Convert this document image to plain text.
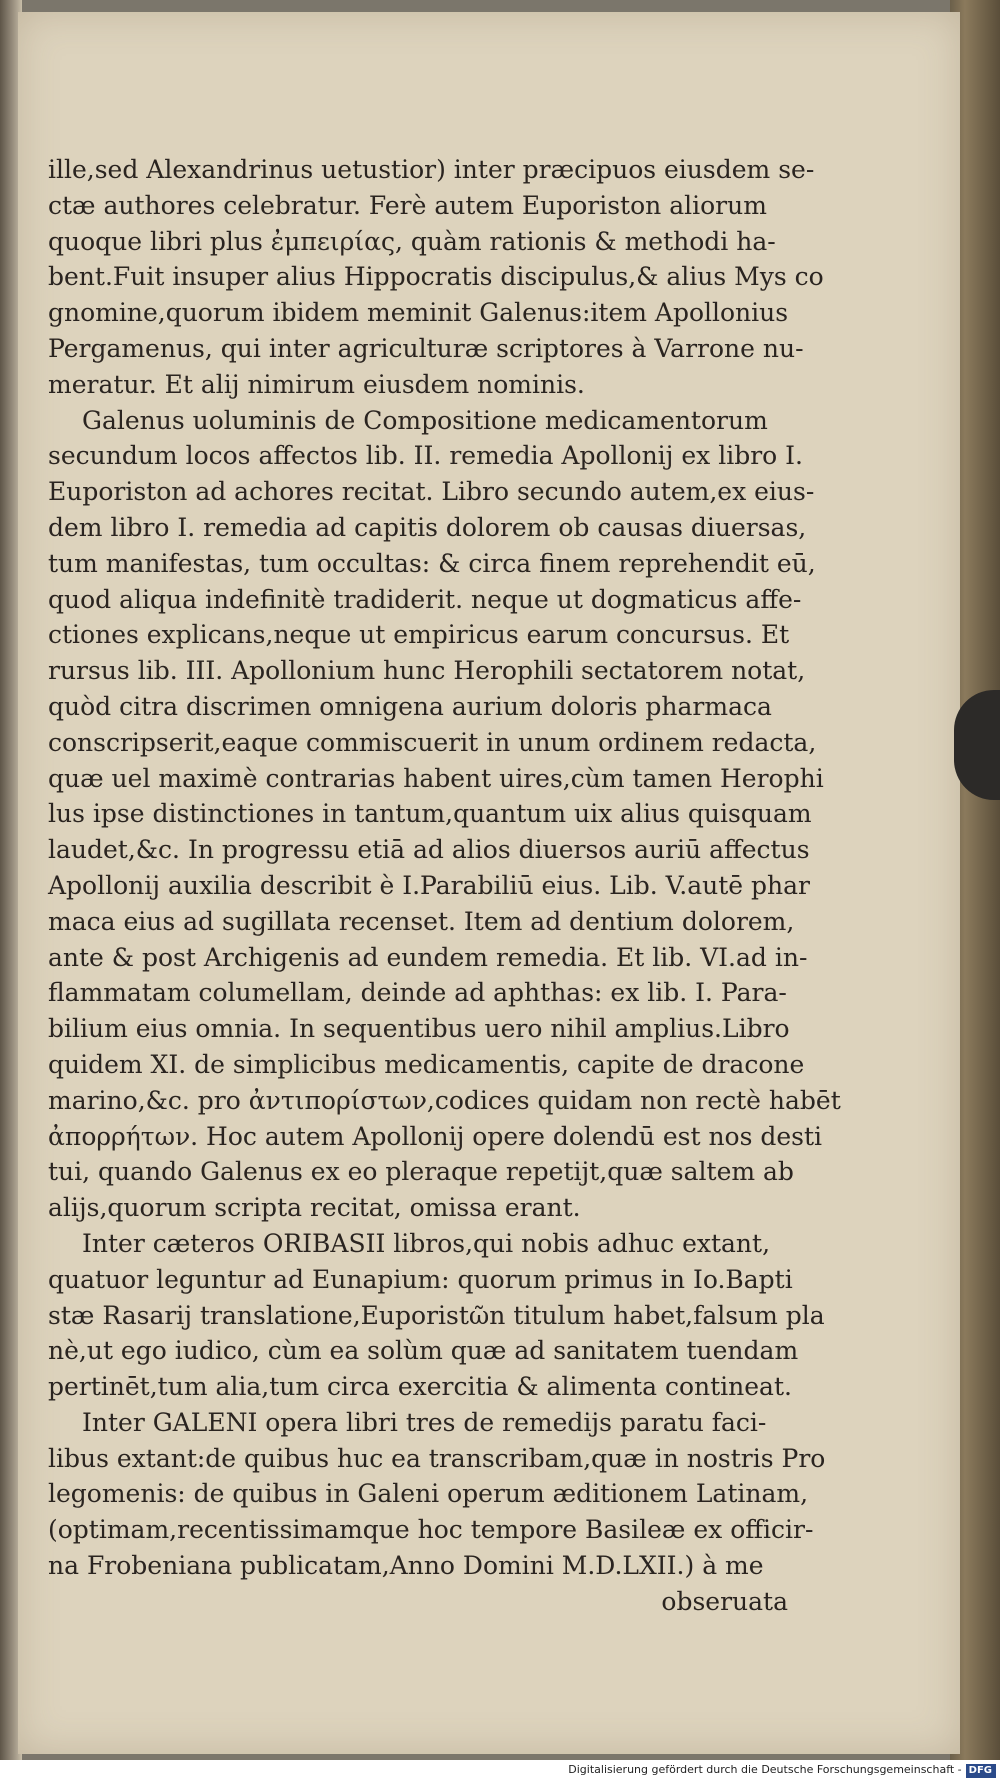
ille,sed Alexandrinus uetustior) inter præcipuos eiusdem se-
ctæ authores celebratur. Ferè autem Euporiston aliorum
quoque libri plus ἐμπειρίας, quàm rationis & methodi ha-
bent.Fuit insuper alius Hippocratis discipulus,& alius Mys co
gnomine,quorum ibidem meminit Galenus:item Apollonius
Pergamenus, qui inter agriculturæ scriptores à Varrone nu-
meratur. Et alij nimirum eiusdem nominis.
Galenus uoluminis de Compositione medicamentorum
secundum locos affectos lib. II. remedia Apollonij ex libro I.
Euporiston ad achores recitat. Libro secundo autem,ex eius-
dem libro I. remedia ad capitis dolorem ob causas diuersas,
tum manifestas, tum occultas: & circa finem reprehendit eū,
quod aliqua indefinitè tradiderit. neque ut dogmaticus affe-
ctiones explicans,neque ut empiricus earum concursus. Et
rursus lib. III. Apollonium hunc Herophili sectatorem notat,
quòd citra discrimen omnigena aurium doloris pharmaca
conscripserit,eaque commiscuerit in unum ordinem redacta,
quæ uel maximè contrarias habent uires,cùm tamen Herophi
lus ipse distinctiones in tantum,quantum uix alius quisquam
laudet,&c. In progressu etiā ad alios diuersos auriū affectus
Apollonij auxilia describit è I.Parabiliū eius. Lib. V.autē phar
maca eius ad sugillata recenset. Item ad dentium dolorem,
ante & post Archigenis ad eundem remedia. Et lib. VI.ad in-
flammatam columellam, deinde ad aphthas: ex lib. I. Para-
bilium eius omnia. In sequentibus uero nihil amplius.Libro
quidem XI. de simplicibus medicamentis, capite de dracone
marino,&c. pro ἀντιπορίστων,codices quidam non rectè habēt
ἀπορρήτων. Hoc autem Apollonij opere dolendū est nos desti
tui, quando Galenus ex eo pleraque repetijt,quæ saltem ab
alijs,quorum scripta recitat, omissa erant.
Inter cæteros ORIBASII libros,qui nobis adhuc extant,
quatuor leguntur ad Eunapium: quorum primus in Io.Bapti
stæ Rasarij translatione,Euporistῶn titulum habet,falsum pla
nè,ut ego iudico, cùm ea solùm quæ ad sanitatem tuendam
pertinēt,tum alia,tum circa exercitia & alimenta contineat.
Inter GALENI opera libri tres de remedijs paratu faci-
libus extant:de quibus huc ea transcribam,quæ in nostris Pro
legomenis: de quibus in Galeni operum æditionem Latinam,
(optimam,recentissimamque hoc tempore Basileæ ex officir-
na Frobeniana publicatam,Anno Domini M.D.LXII.) à me
obseruata
Digitalisierung gefördert durch die Deutsche Forschungsgemeinschaft - DFG
